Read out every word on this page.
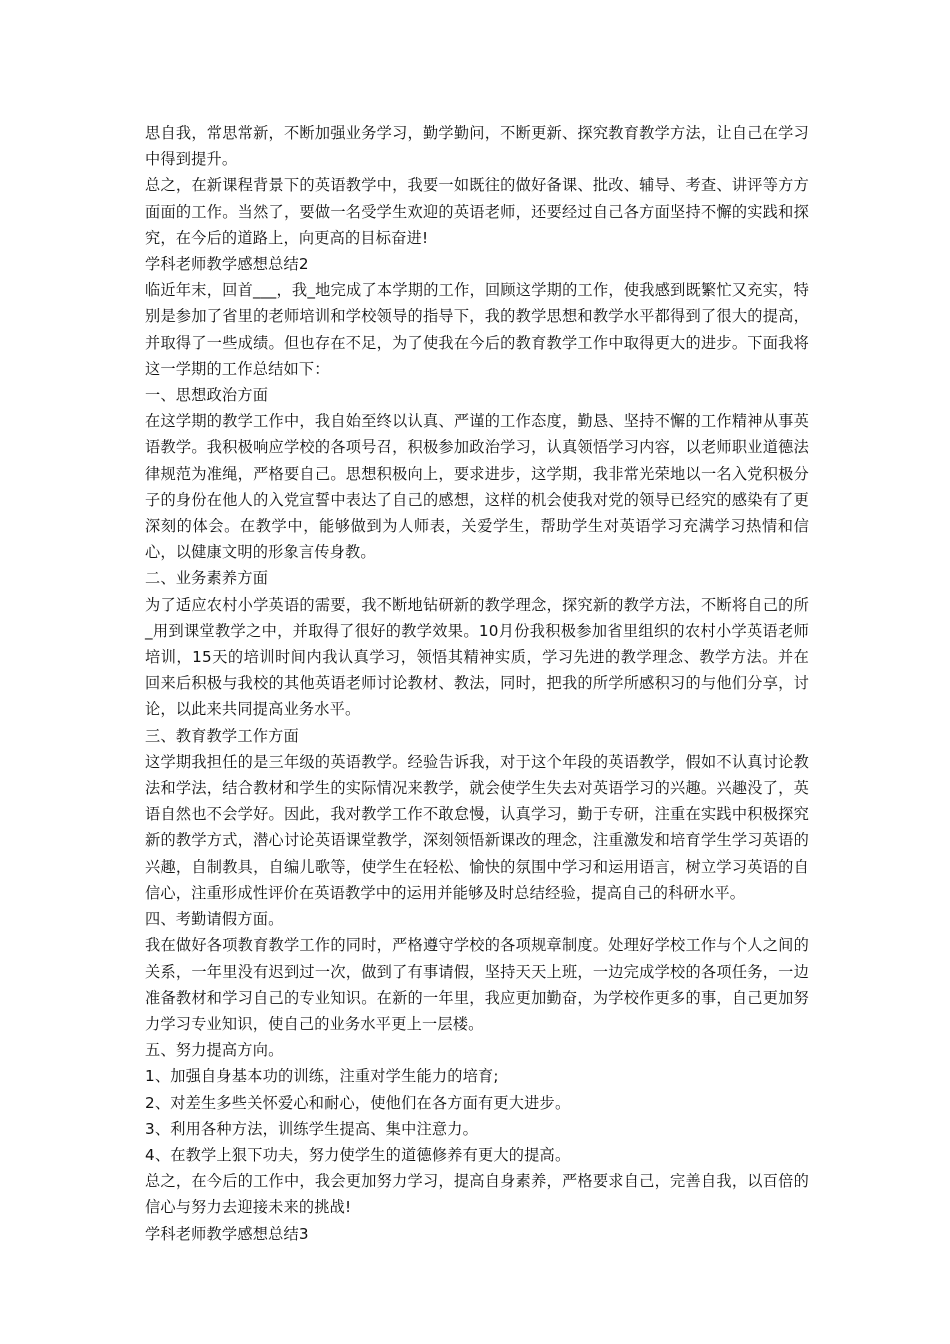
思自我，常思常新，不断加强业务学习，勤学勤问，不断更新、探究教育教学方法，让自己在学习中得到提升。

总之，在新课程背景下的英语教学中，我要一如既往的做好备课、批改、辅导、考查、讲评等方方面面的工作。当然了，要做一名受学生欢迎的英语老师，还要经过自己各方面坚持不懈的实践和探究，在今后的道路上，向更高的目标奋进!

学科老师教学感想总结2

临近年末，回首___，我_地完成了本学期的工作，回顾这学期的工作，使我感到既繁忙又充实，特别是参加了省里的老师培训和学校领导的指导下，我的教学思想和教学水平都得到了很大的提高，并取得了一些成绩。但也存在不足，为了使我在今后的教育教学工作中取得更大的进步。下面我将这一学期的工作总结如下：

一、思想政治方面

在这学期的教学工作中，我自始至终以认真、严谨的工作态度，勤恳、坚持不懈的工作精神从事英语教学。我积极响应学校的各项号召，积极参加政治学习，认真领悟学习内容，以老师职业道德法律规范为准绳，严格要自己。思想积极向上，要求进步，这学期，我非常光荣地以一名入党积极分子的身份在他人的入党宣誓中表达了自己的感想，这样的机会使我对党的领导已经究的感染有了更深刻的体会。在教学中，能够做到为人师表，关爱学生，帮助学生对英语学习充满学习热情和信心，以健康文明的形象言传身教。

二、业务素养方面

为了适应农村小学英语的需要，我不断地钻研新的教学理念，探究新的教学方法，不断将自己的所_用到课堂教学之中，并取得了很好的教学效果。10月份我积极参加省里组织的农村小学英语老师培训，15天的培训时间内我认真学习，领悟其精神实质，学习先进的教学理念、教学方法。并在回来后积极与我校的其他英语老师讨论教材、教法，同时，把我的所学所感积习的与他们分享，讨论，以此来共同提高业务水平。

三、教育教学工作方面

这学期我担任的是三年级的英语教学。经验告诉我，对于这个年段的英语教学，假如不认真讨论教法和学法，结合教材和学生的实际情况来教学，就会使学生失去对英语学习的兴趣。兴趣没了，英语自然也不会学好。因此，我对教学工作不敢怠慢，认真学习，勤于专研，注重在实践中积极探究新的教学方式，潜心讨论英语课堂教学，深刻领悟新课改的理念，注重激发和培育学生学习英语的兴趣，自制教具，自编儿歌等，使学生在轻松、愉快的氛围中学习和运用语言，树立学习英语的自信心，注重形成性评价在英语教学中的运用并能够及时总结经验，提高自己的科研水平。

四、考勤请假方面。

我在做好各项教育教学工作的同时，严格遵守学校的各项规章制度。处理好学校工作与个人之间的关系，一年里没有迟到过一次，做到了有事请假，坚持天天上班，一边完成学校的各项任务，一边准备教材和学习自己的专业知识。在新的一年里，我应更加勤奋，为学校作更多的事，自己更加努力学习专业知识，使自己的业务水平更上一层楼。

五、努力提高方向。

1、加强自身基本功的训练，注重对学生能力的培育;

2、对差生多些关怀爱心和耐心，使他们在各方面有更大进步。

3、利用各种方法，训练学生提高、集中注意力。

4、在教学上狠下功夫，努力使学生的道德修养有更大的提高。

总之，在今后的工作中，我会更加努力学习，提高自身素养，严格要求自己，完善自我，以百倍的信心与努力去迎接未来的挑战!

学科老师教学感想总结3
